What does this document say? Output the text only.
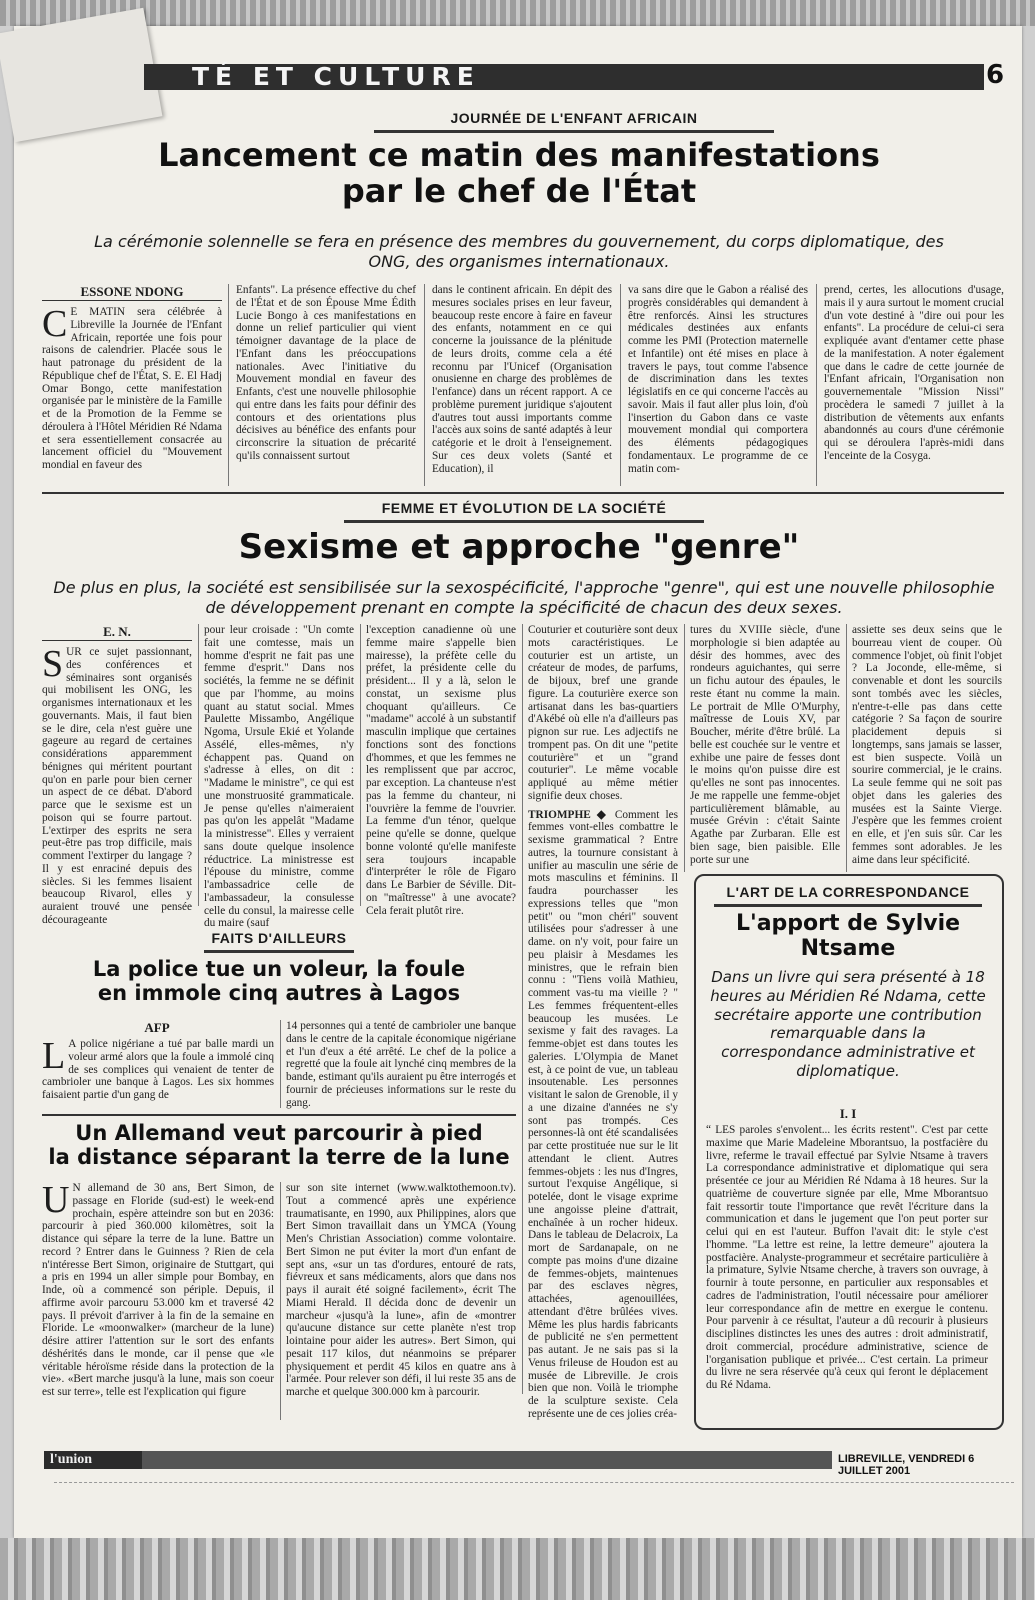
TÉ ET CULTURE	6
JOURNÉE DE L'ENFANT AFRICAIN
Lancement ce matin des manifestations
par le chef de l'État
La cérémonie solennelle se fera en présence des membres du gouvernement, du corps diplomatique, des ONG, des organismes internationaux.
ESSONE NDONG
C E MATIN sera célébrée à Libreville la Journée de l'Enfant Africain, reportée une fois pour raisons de calendrier. Placée sous le haut patronage du président de la République chef de l'État, S. E. El Hadj Omar Bongo, cette manifestation organisée par le ministère de la Famille et de la Promotion de la Femme se déroulera à l'Hôtel Méridien Ré Ndama et sera essentiellement consacrée au lancement officiel du "Mouvement mondial en faveur des
Enfants". La présence effective du chef de l'État et de son Épouse Mme Édith Lucie Bongo à ces manifestations en donne un relief particulier qui vient témoigner davantage de la place de l'Enfant dans les préoccupations nationales. Avec l'initiative du Mouvement mondial en faveur des Enfants, c'est une nouvelle philosophie qui entre dans les faits pour définir des contours et des orientations plus décisives au bénéfice des enfants pour circonscrire la situation de précarité qu'ils connaissent surtout
dans le continent africain. En dépit des mesures sociales prises en leur faveur, beaucoup reste encore à faire en faveur des enfants, notamment en ce qui concerne la jouissance de la plénitude de leurs droits, comme cela a été reconnu par l'Unicef (Organisation onusienne en charge des problèmes de l'enfance) dans un récent rapport. A ce problème purement juridique s'ajoutent d'autres tout aussi importants comme l'accès aux soins de santé adaptés à leur catégorie et le droit à l'enseignement. Sur ces deux volets (Santé et Education), il
va sans dire que le Gabon a réalisé des progrès considérables qui demandent à être renforcés. Ainsi les structures médicales destinées aux enfants comme les PMI (Protection maternelle et Infantile) ont été mises en place à travers le pays, tout comme l'absence de discrimination dans les textes législatifs en ce qui concerne l'accès au savoir. Mais il faut aller plus loin, d'où l'insertion du Gabon dans ce vaste mouvement mondial qui comportera des éléments pédagogiques fondamentaux. Le programme de ce matin com-
prend, certes, les allocutions d'usage, mais il y aura surtout le moment crucial d'un vote destiné à "dire oui pour les enfants". La procédure de celui-ci sera expliquée avant d'entamer cette phase de la manifestation. A noter également que dans le cadre de cette journée de l'Enfant africain, l'Organisation non gouvernementale "Mission Nissi" procèdera le samedi 7 juillet à la distribution de vêtements aux enfants abandonnés au cours d'une cérémonie qui se déroulera l'après-midi dans l'enceinte de la Cosyga.
FEMME ET ÉVOLUTION DE LA SOCIÉTÉ
Sexisme et approche "genre"
De plus en plus, la société est sensibilisée sur la sexospécificité, l'approche "genre", qui est une nouvelle philosophie de développement prenant en compte la spécificité de chacun des deux sexes.
E. N.
SUR ce sujet passionnant, des conférences et séminaires sont organisés qui mobilisent les ONG, les organismes internationaux et les gouvernants. Mais, il faut bien se le dire, cela n'est guère une gageure au regard de certaines considérations apparemment bénignes qui méritent pourtant qu'on en parle pour bien cerner un aspect de ce débat. D'abord parce que le sexisme est un poison qui se fourre partout. L'extirper des esprits ne sera peut-être pas trop difficile, mais comment l'extirper du langage ? Il y est enraciné depuis des siècles. Si les femmes lisaient beaucoup Rivarol, elles y auraient trouvé une pensée décourageante
pour leur croisade : "Un comte fait une comtesse, mais un homme d'esprit ne fait pas une femme d'esprit." Dans nos sociétés, la femme ne se définit que par l'homme, au moins quant au statut social. Mmes Paulette Missambo, Angélique Ngoma, Ursule Ekié et Yolande Assélé, elles-mêmes, n'y échappent pas. Quand on s'adresse à elles, on dit : "Madame le ministre", ce qui est une monstruosité grammaticale. Je pense qu'elles n'aimeraient pas qu'on les appelât "Madame la ministresse". Elles y verraient sans doute quelque insolence réductrice. La ministresse est l'épouse du ministre, comme l'ambassadrice celle de l'ambassadeur, la consulesse celle du consul, la mairesse celle du maire (sauf
l'exception canadienne où une femme maire s'appelle bien mairesse), la préfète celle du préfet, la présidente celle du président... Il y a là, selon le constat, un sexisme plus choquant qu'ailleurs. Ce "madame" accolé à un substantif masculin implique que certaines fonctions sont des fonctions d'hommes, et que les femmes ne les remplissent que par accroc, par exception. La chanteuse n'est pas la femme du chanteur, ni l'ouvrière la femme de l'ouvrier. La femme d'un ténor, quelque peine qu'elle se donne, quelque bonne volonté qu'elle manifeste sera toujours incapable d'interpréter le rôle de Figaro dans Le Barbier de Séville. Dit-on "maîtresse" à une avocate? Cela ferait plutôt rire.

Couturier et couturière sont deux mots caractéristiques. Le couturier est un artiste, un créateur de modes, de parfums, de bijoux, bref une grande figure. La couturière exerce son artisanat dans les bas-quartiers d'Akébé où elle n'a d'ailleurs pas pignon sur rue. Les adjectifs ne trompent pas. On dit une "petite couturière" et un "grand couturier". Le même vocable appliqué au même métier signifie deux choses.

TRIOMPHE ◆ Comment les femmes vont-elles combattre le sexisme grammatical ? Entre autres, la tournure consistant à unifier au masculin une série de mots masculins et féminins. Il faudra pourchasser les expressions telles que "mon petit" ou "mon chéri" souvent utilisées pour s'adresser à une dame. on n'y voit, pour faire un peu plaisir à Mesdames les ministres, que le refrain bien connu : "Tiens voilà Mathieu, comment vas-tu ma vieille ? " Les femmes fréquentent-elles beaucoup les musées. Le sexisme y fait des ravages. La femme-objet est dans toutes les galeries. L'Olympia de Manet est, à ce point de vue, un tableau insoutenable. Les personnes visitant le salon de Grenoble, il y a une dizaine d'années ne s'y sont pas trompés. Ces personnes-là ont été scandalisées par cette prostituée nue sur le lit attendant le client. Autres femmes-objets : les nus d'Ingres, surtout l'exquise Angélique, si potelée, dont le visage exprime une angoisse pleine d'attrait, enchaînée à un rocher hideux. Dans le tableau de Delacroix, La mort de Sardanapale, on ne compte pas moins d'une dizaine de femmes-objets, maintenues par des esclaves nègres, attachées, agenouillées, attendant d'être brûlées vives. Même les plus hardis fabricants de publicité ne s'en permettent pas autant. Je ne sais pas si la Venus frileuse de Houdon est au musée de Libreville. Je crois bien que non. Voilà le triomphe de la sculpture sexiste. Cela représente une de ces jolies créa-

tures du XVIIIe siècle, d'une morphologie si bien adaptée au désir des hommes, avec des rondeurs aguichantes, qui serre un fichu autour des épaules, le reste étant nu comme la main. Le portrait de Mlle O'Murphy, maîtresse de Louis XV, par Boucher, mérite d'être brûlé. La belle est couchée sur le ventre et exhibe une paire de fesses dont le moins qu'on puisse dire est qu'elles ne sont pas innocentes. Je me rappelle une femme-objet particulièrement blâmable, au musée Grévin : c'était Sainte Agathe par Zurbaran. Elle est bien sage, bien paisible. Elle porte sur une
assiette ses deux seins que le bourreau vient de couper. Où commence l'objet, où finit l'objet ? La Joconde, elle-même, si convenable et dont les sourcils sont tombés avec les siècles, n'entre-t-elle pas dans cette catégorie ? Sa façon de sourire placidement depuis si longtemps, sans jamais se lasser, est bien suspecte. Voilà un sourire commercial, je le crains. La seule femme qui ne soit pas objet dans les galeries des musées est la Sainte Vierge. J'espère que les femmes croient en elle, et j'en suis sûr. Car les femmes sont adorables. Je les aime dans leur spécificité.
FAITS D'AILLEURS
La police tue un voleur, la foule
en immole cinq autres à Lagos
AFP
L A police nigériane a tué par balle mardi un voleur armé alors que la foule a immolé cinq de ses complices qui venaient de tenter de cambrioler une banque à Lagos. Les six hommes faisaient partie d'un gang de
14 personnes qui a tenté de cambrioler une banque dans le centre de la capitale économique nigériane et l'un d'eux a été arrêté. Le chef de la police a regretté que la foule ait lynché cinq membres de la bande, estimant qu'ils auraient pu être interrogés et fournir de précieuses informations sur le reste du gang.
Un Allemand veut parcourir à pied
la distance séparant la terre de la lune
U N allemand de 30 ans, Bert Simon, de passage en Floride (sud-est) le week-end prochain, espère atteindre son but en 2036: parcourir à pied 360.000 kilomètres, soit la distance qui sépare la terre de la lune. Battre un record ? Entrer dans le Guinness ? Rien de cela n'intéresse Bert Simon, originaire de Stuttgart, qui a pris en 1994 un aller simple pour Bombay, en Inde, où a commencé son périple. Depuis, il affirme avoir parcouru 53.000 km et traversé 42 pays. Il prévoit d'arriver à la fin de la semaine en Floride. Le «moonwalker» (marcheur de la lune) désire attirer l'attention sur le sort des enfants déshérités dans le monde, car il pense que «le véritable héroïsme réside dans la protection de la vie». «Bert marche jusqu'à la lune, mais son coeur est sur terre», telle est l'explication qui figure
sur son site internet (www.walktothemoon.tv). Tout a commencé après une expérience traumatisante, en 1990, aux Philippines, alors que Bert Simon travaillait dans un YMCA (Young Men's Christian Association) comme volontaire. Bert Simon ne put éviter la mort d'un enfant de sept ans, «sur un tas d'ordures, entouré de rats, fiévreux et sans médicaments, alors que dans nos pays il aurait été soigné facilement», écrit The Miami Herald. Il décida donc de devenir un marcheur «jusqu'à la lune», afin de «montrer qu'aucune distance sur cette planète n'est trop lointaine pour aider les autres». Bert Simon, qui pesait 117 kilos, dut néanmoins se préparer physiquement et perdit 45 kilos en quatre ans à l'armée. Pour relever son défi, il lui reste 35 ans de marche et quelque 300.000 km à parcourir.
L'ART DE LA CORRESPONDANCE
L'apport de Sylvie
Ntsame
Dans un livre qui sera présenté à 18 heures au Méridien Ré Ndama, cette secrétaire apporte une contribution remarquable dans la correspondance administrative et diplomatique.
I. I
“ LES paroles s'envolent... les écrits restent". C'est par cette maxime que Marie Madeleine Mborantsuo, la postfacière du livre, referme le travail effectué par Sylvie Ntsame à travers La correspondance administrative et diplomatique qui sera présentée ce jour au Méridien Ré Ndama à 18 heures. Sur la quatrième de couverture signée par elle, Mme Mborantsuo fait ressortir toute l'importance que revêt l'écriture dans la communication et dans le jugement que l'on peut porter sur celui qui en est l'auteur. Buffon l'avait dit: le style c'est l'homme. "La lettre est reine, la lettre demeure" ajoutera la postfacière. Analyste-programmeur et secrétaire particulière à la primature, Sylvie Ntsame cherche, à travers son ouvrage, à fournir à toute personne, en particulier aux responsables et cadres de l'administration, l'outil nécessaire pour améliorer leur correspondance afin de mettre en exergue le contenu. Pour parvenir à ce résultat, l'auteur a dû recourir à plusieurs disciplines distinctes les unes des autres : droit administratif, droit commercial, procédure administrative, science de l'organisation publique et privée... C'est certain. La primeur du livre ne sera réservée qu'à ceux qui feront le déplacement du Ré Ndama.
l'union	LIBREVILLE, VENDREDI 6 JUILLET 2001
